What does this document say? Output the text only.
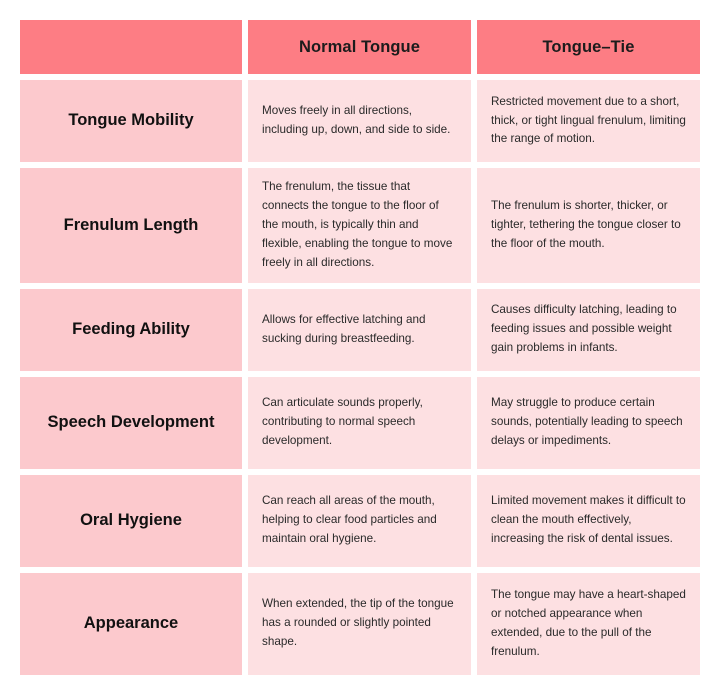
	Normal Tongue	Tongue–Tie
Tongue Mobility	Moves freely in all directions, including up, down, and side to side.	Restricted movement due to a short, thick, or tight lingual frenulum, limiting the range of motion.
Frenulum Length	The frenulum, the tissue that connects the tongue to the floor of the mouth, is typically thin and flexible, enabling the tongue to move freely in all directions.	The frenulum is shorter, thicker, or tighter, tethering the tongue closer to the floor of the mouth.
Feeding Ability	Allows for effective latching and sucking during breastfeeding.	Causes difficulty latching, leading to feeding issues and possible weight gain problems in infants.
Speech Development	Can articulate sounds properly, contributing to normal speech development.	May struggle to produce certain sounds, potentially leading to speech delays or impediments.
Oral Hygiene	Can reach all areas of the mouth, helping to clear food particles and maintain oral hygiene.	Limited movement makes it difficult to clean the mouth effectively, increasing the risk of dental issues.
Appearance	When extended, the tip of the tongue has a rounded or slightly pointed shape.	The tongue may have a heart-shaped or notched appearance when extended, due to the pull of the frenulum.
